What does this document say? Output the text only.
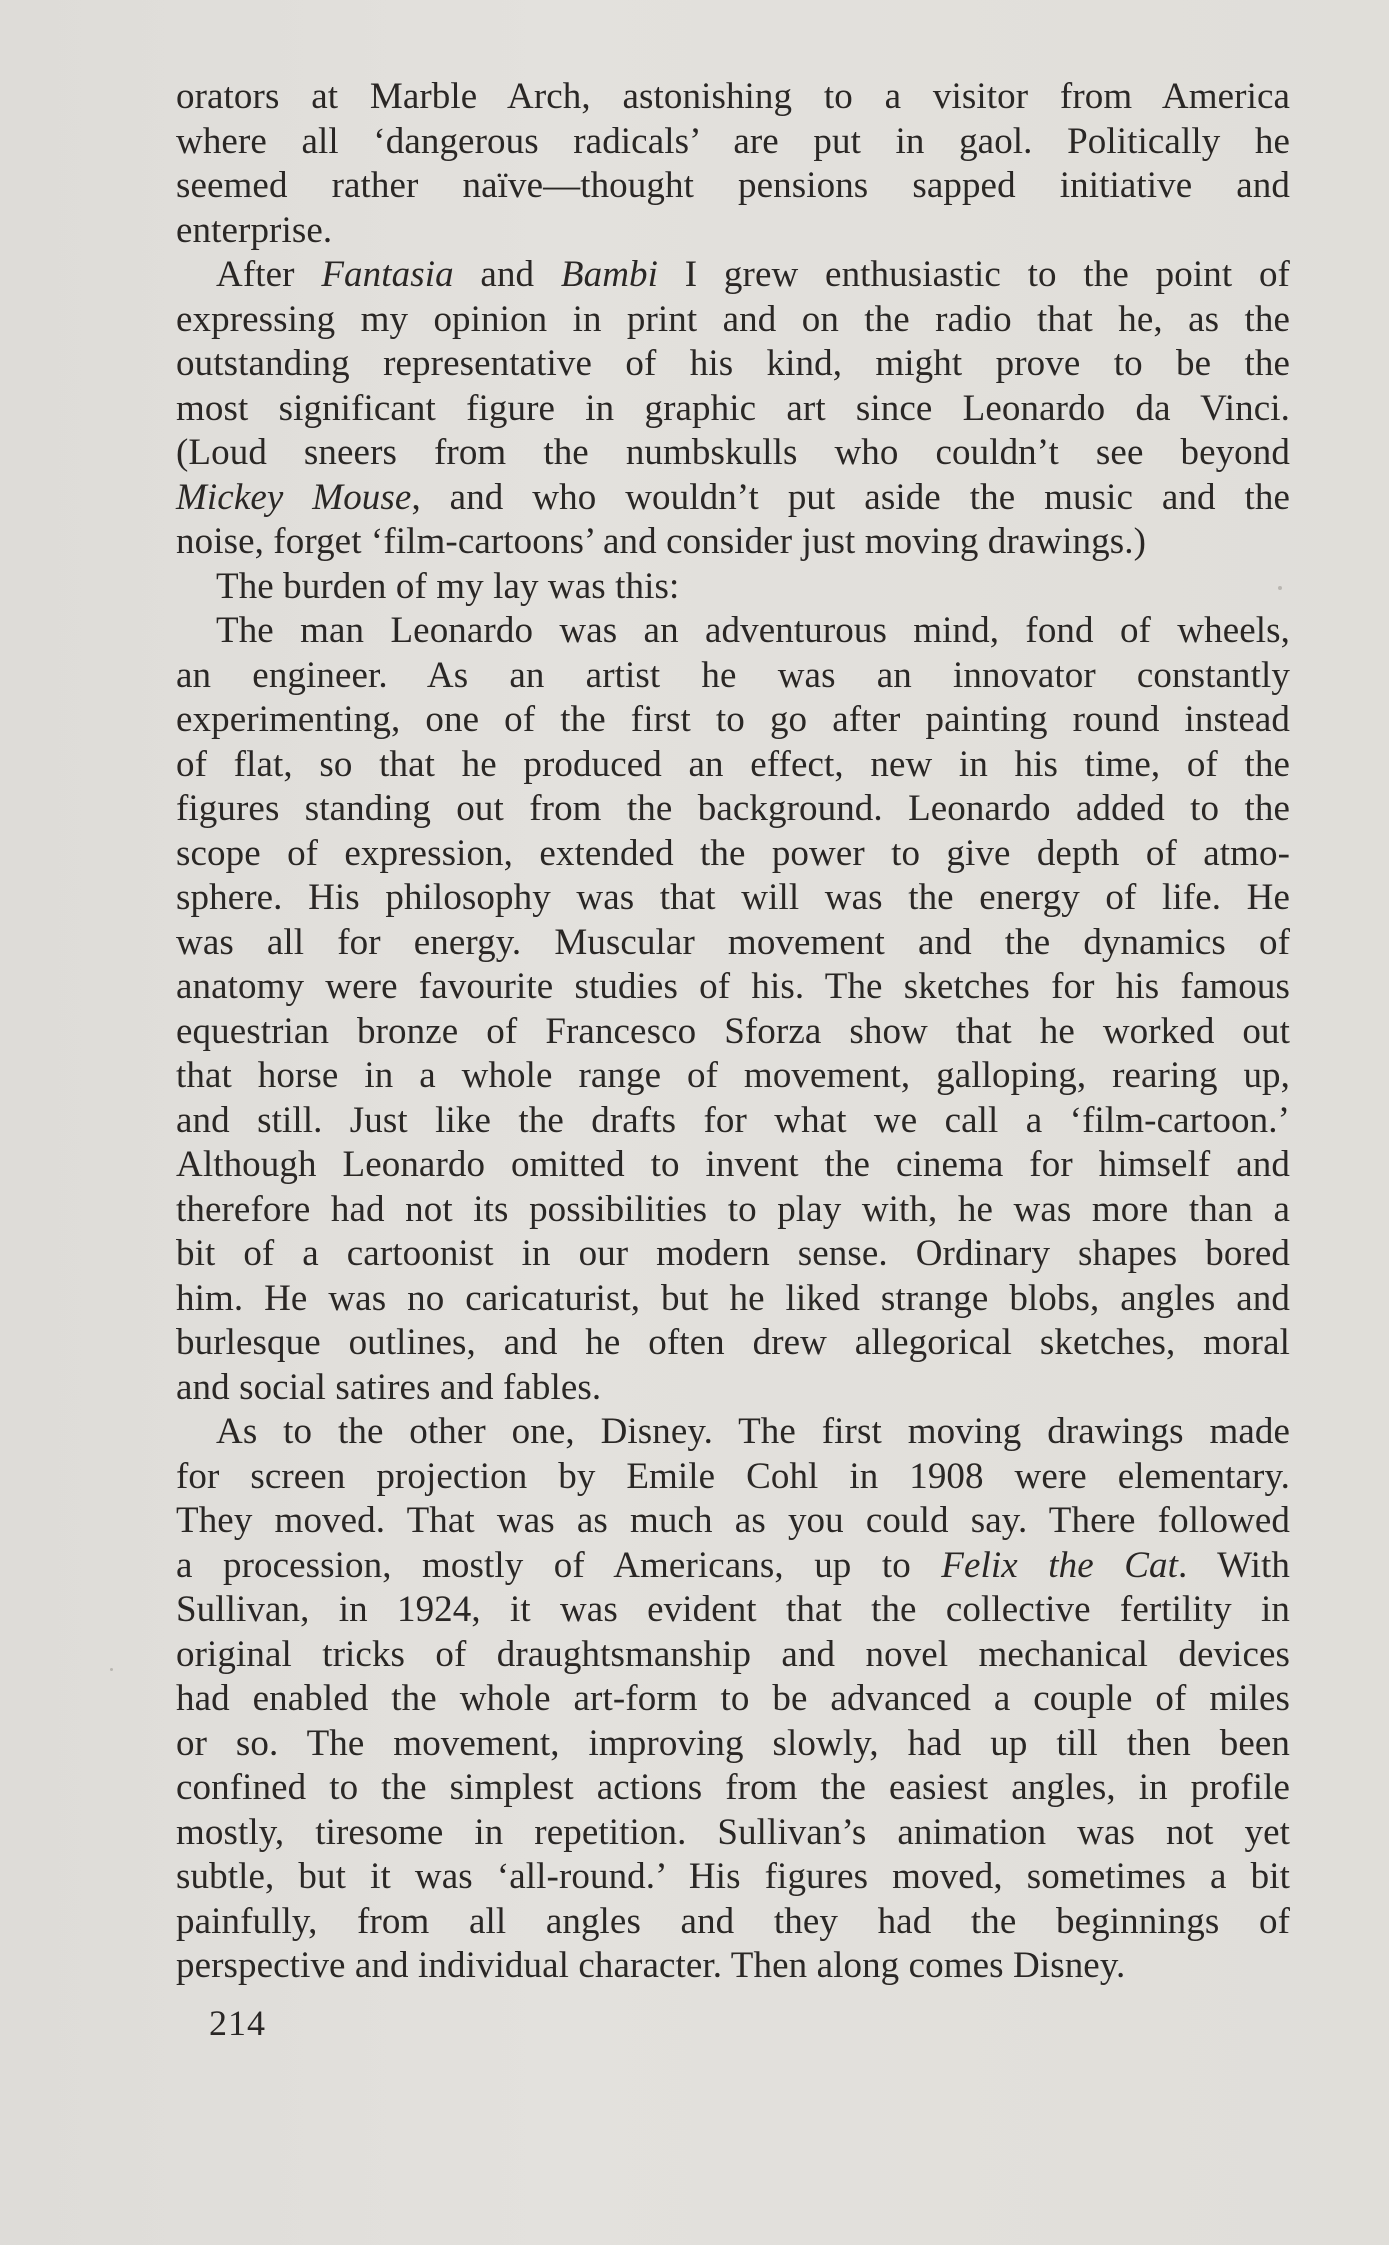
orators at Marble Arch, astonishing to a visitor from America
where all ‘dangerous radicals’ are put in gaol. Politically he
seemed rather naïve—thought pensions sapped initiative and
enterprise.
After Fantasia and Bambi I grew enthusiastic to the point of
expressing my opinion in print and on the radio that he, as the
outstanding representative of his kind, might prove to be the
most significant figure in graphic art since Leonardo da Vinci.
(Loud sneers from the numbskulls who couldn’t see beyond
Mickey Mouse, and who wouldn’t put aside the music and the
noise, forget ‘film-cartoons’ and consider just moving drawings.)
The burden of my lay was this:
The man Leonardo was an adventurous mind, fond of wheels,
an engineer. As an artist he was an innovator constantly
experimenting, one of the first to go after painting round instead
of flat, so that he produced an effect, new in his time, of the
figures standing out from the background. Leonardo added to the
scope of expression, extended the power to give depth of atmo-
sphere. His philosophy was that will was the energy of life. He
was all for energy. Muscular movement and the dynamics of
anatomy were favourite studies of his. The sketches for his famous
equestrian bronze of Francesco Sforza show that he worked out
that horse in a whole range of movement, galloping, rearing up,
and still. Just like the drafts for what we call a ‘film-cartoon.’
Although Leonardo omitted to invent the cinema for himself and
therefore had not its possibilities to play with, he was more than a
bit of a cartoonist in our modern sense. Ordinary shapes bored
him. He was no caricaturist, but he liked strange blobs, angles and
burlesque outlines, and he often drew allegorical sketches, moral
and social satires and fables.
As to the other one, Disney. The first moving drawings made
for screen projection by Emile Cohl in 1908 were elementary.
They moved. That was as much as you could say. There followed
a procession, mostly of Americans, up to Felix the Cat. With
Sullivan, in 1924, it was evident that the collective fertility in
original tricks of draughtsmanship and novel mechanical devices
had enabled the whole art-form to be advanced a couple of miles
or so. The movement, improving slowly, had up till then been
confined to the simplest actions from the easiest angles, in profile
mostly, tiresome in repetition. Sullivan’s animation was not yet
subtle, but it was ‘all-round.’ His figures moved, sometimes a bit
painfully, from all angles and they had the beginnings of
perspective and individual character. Then along comes Disney.
214
